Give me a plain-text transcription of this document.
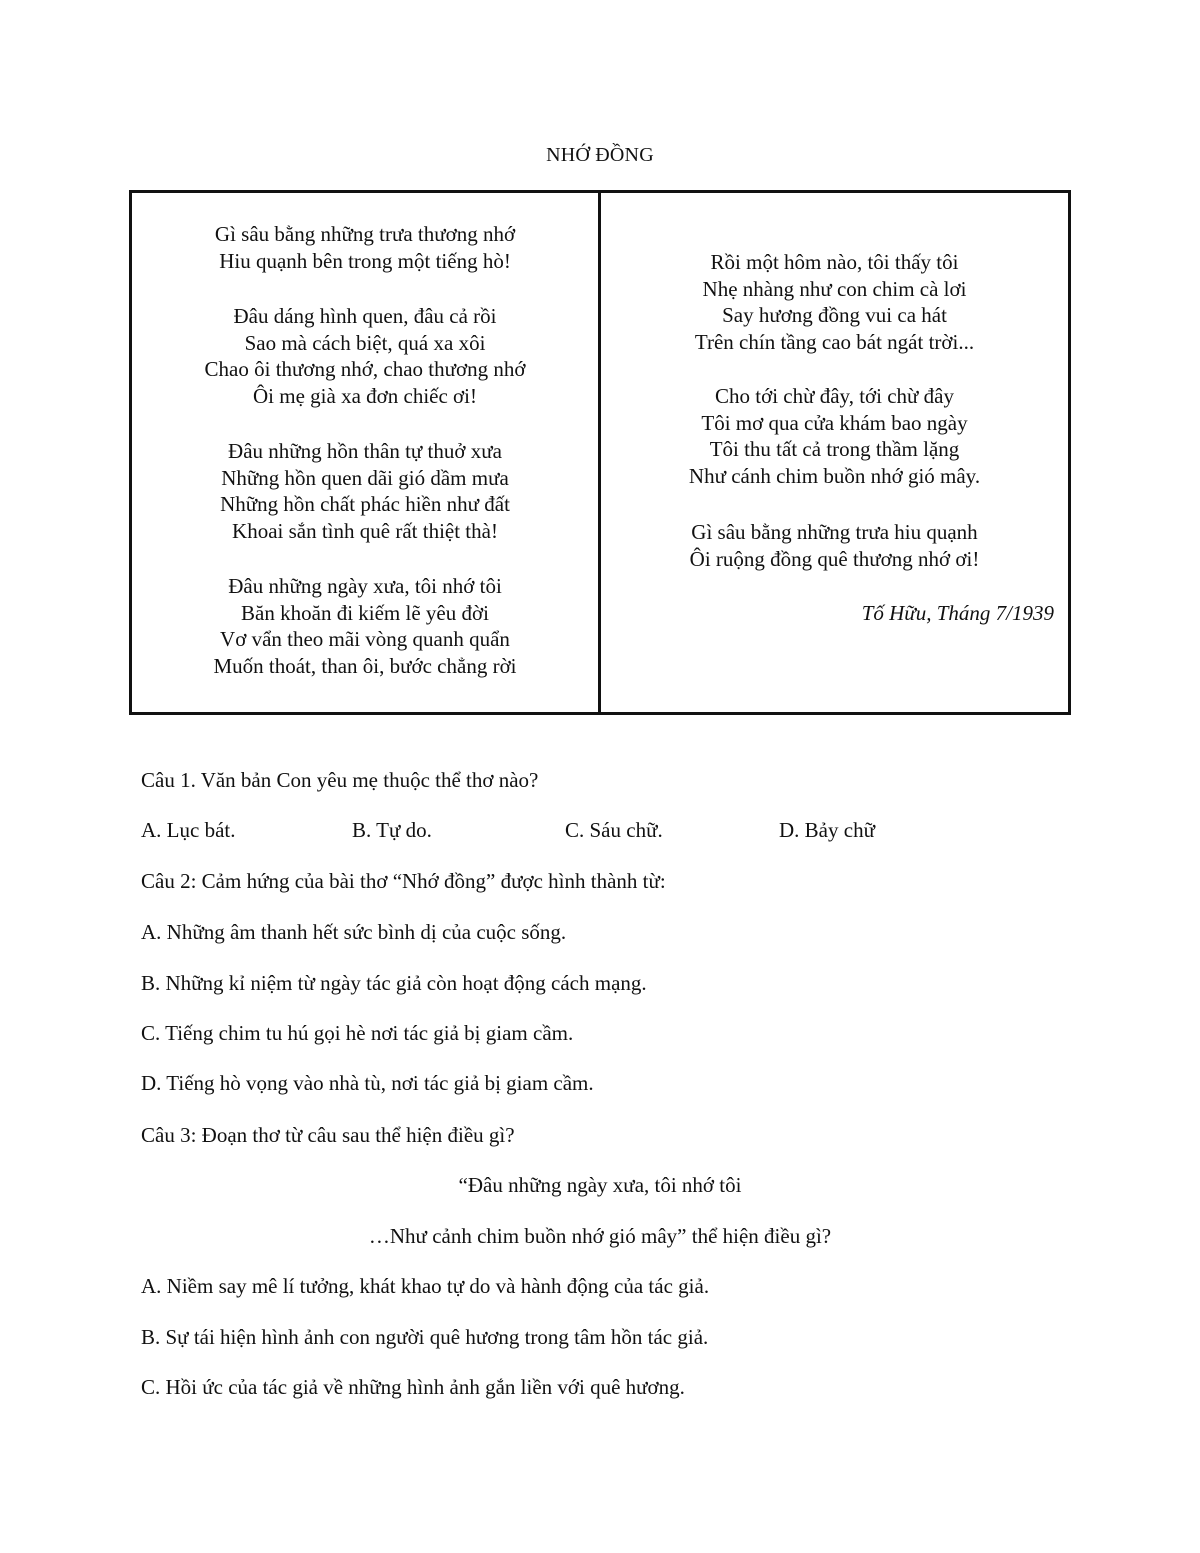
NHỚ ĐỒNG
Gì sâu bằng những trưa thương nhớ
Hiu quạnh bên trong một tiếng hò!
Đâu dáng hình quen, đâu cả rồi
Sao mà cách biệt, quá xa xôi
Chao ôi thương nhớ, chao thương nhớ
Ôi mẹ già xa đơn chiếc ơi!
Đâu những hồn thân tự thuở xưa
Những hồn quen dãi gió dầm mưa
Những hồn chất phác hiền như đất
Khoai sắn tình quê rất thiệt thà!
Đâu những ngày xưa, tôi nhớ tôi
Băn khoăn đi kiếm lẽ yêu đời
Vơ vẩn theo mãi vòng quanh quẩn
Muốn thoát, than ôi, bước chẳng rời
Rồi một hôm nào, tôi thấy tôi
Nhẹ nhàng như con chim cà lơi
Say hương đồng vui ca hát
Trên chín tầng cao bát ngát trời...
Cho tới chừ đây, tới chừ đây
Tôi mơ qua cửa khám bao ngày
Tôi thu tất cả trong thầm lặng
Như cánh chim buồn nhớ gió mây.
Gì sâu bằng những trưa hiu quạnh
Ôi ruộng đồng quê thương nhớ ơi!
Tố Hữu, Tháng 7/1939
Câu 1. Văn bản Con yêu mẹ thuộc thể thơ nào?
A. Lục bát.	B. Tự do.	C. Sáu chữ.	D. Bảy chữ
Câu 2: Cảm hứng của bài thơ “Nhớ đồng” được hình thành từ:
A. Những âm thanh hết sức bình dị của cuộc sống.
B. Những kỉ niệm từ ngày tác giả còn hoạt động cách mạng.
C. Tiếng chim tu hú gọi hè nơi tác giả bị giam cầm.
D. Tiếng hò vọng vào nhà tù, nơi tác giả bị giam cầm.
Câu 3: Đoạn thơ từ câu sau thể hiện điều gì?
“Đâu những ngày xưa, tôi nhớ tôi
…Như cảnh chim buồn nhớ gió mây” thể hiện điều gì?
A. Niềm say mê lí tưởng, khát khao tự do và hành động của tác giả.
B. Sự tái hiện hình ảnh con người quê hương trong tâm hồn tác giả.
C. Hồi ức của tác giả về những hình ảnh gắn liền với quê hương.
